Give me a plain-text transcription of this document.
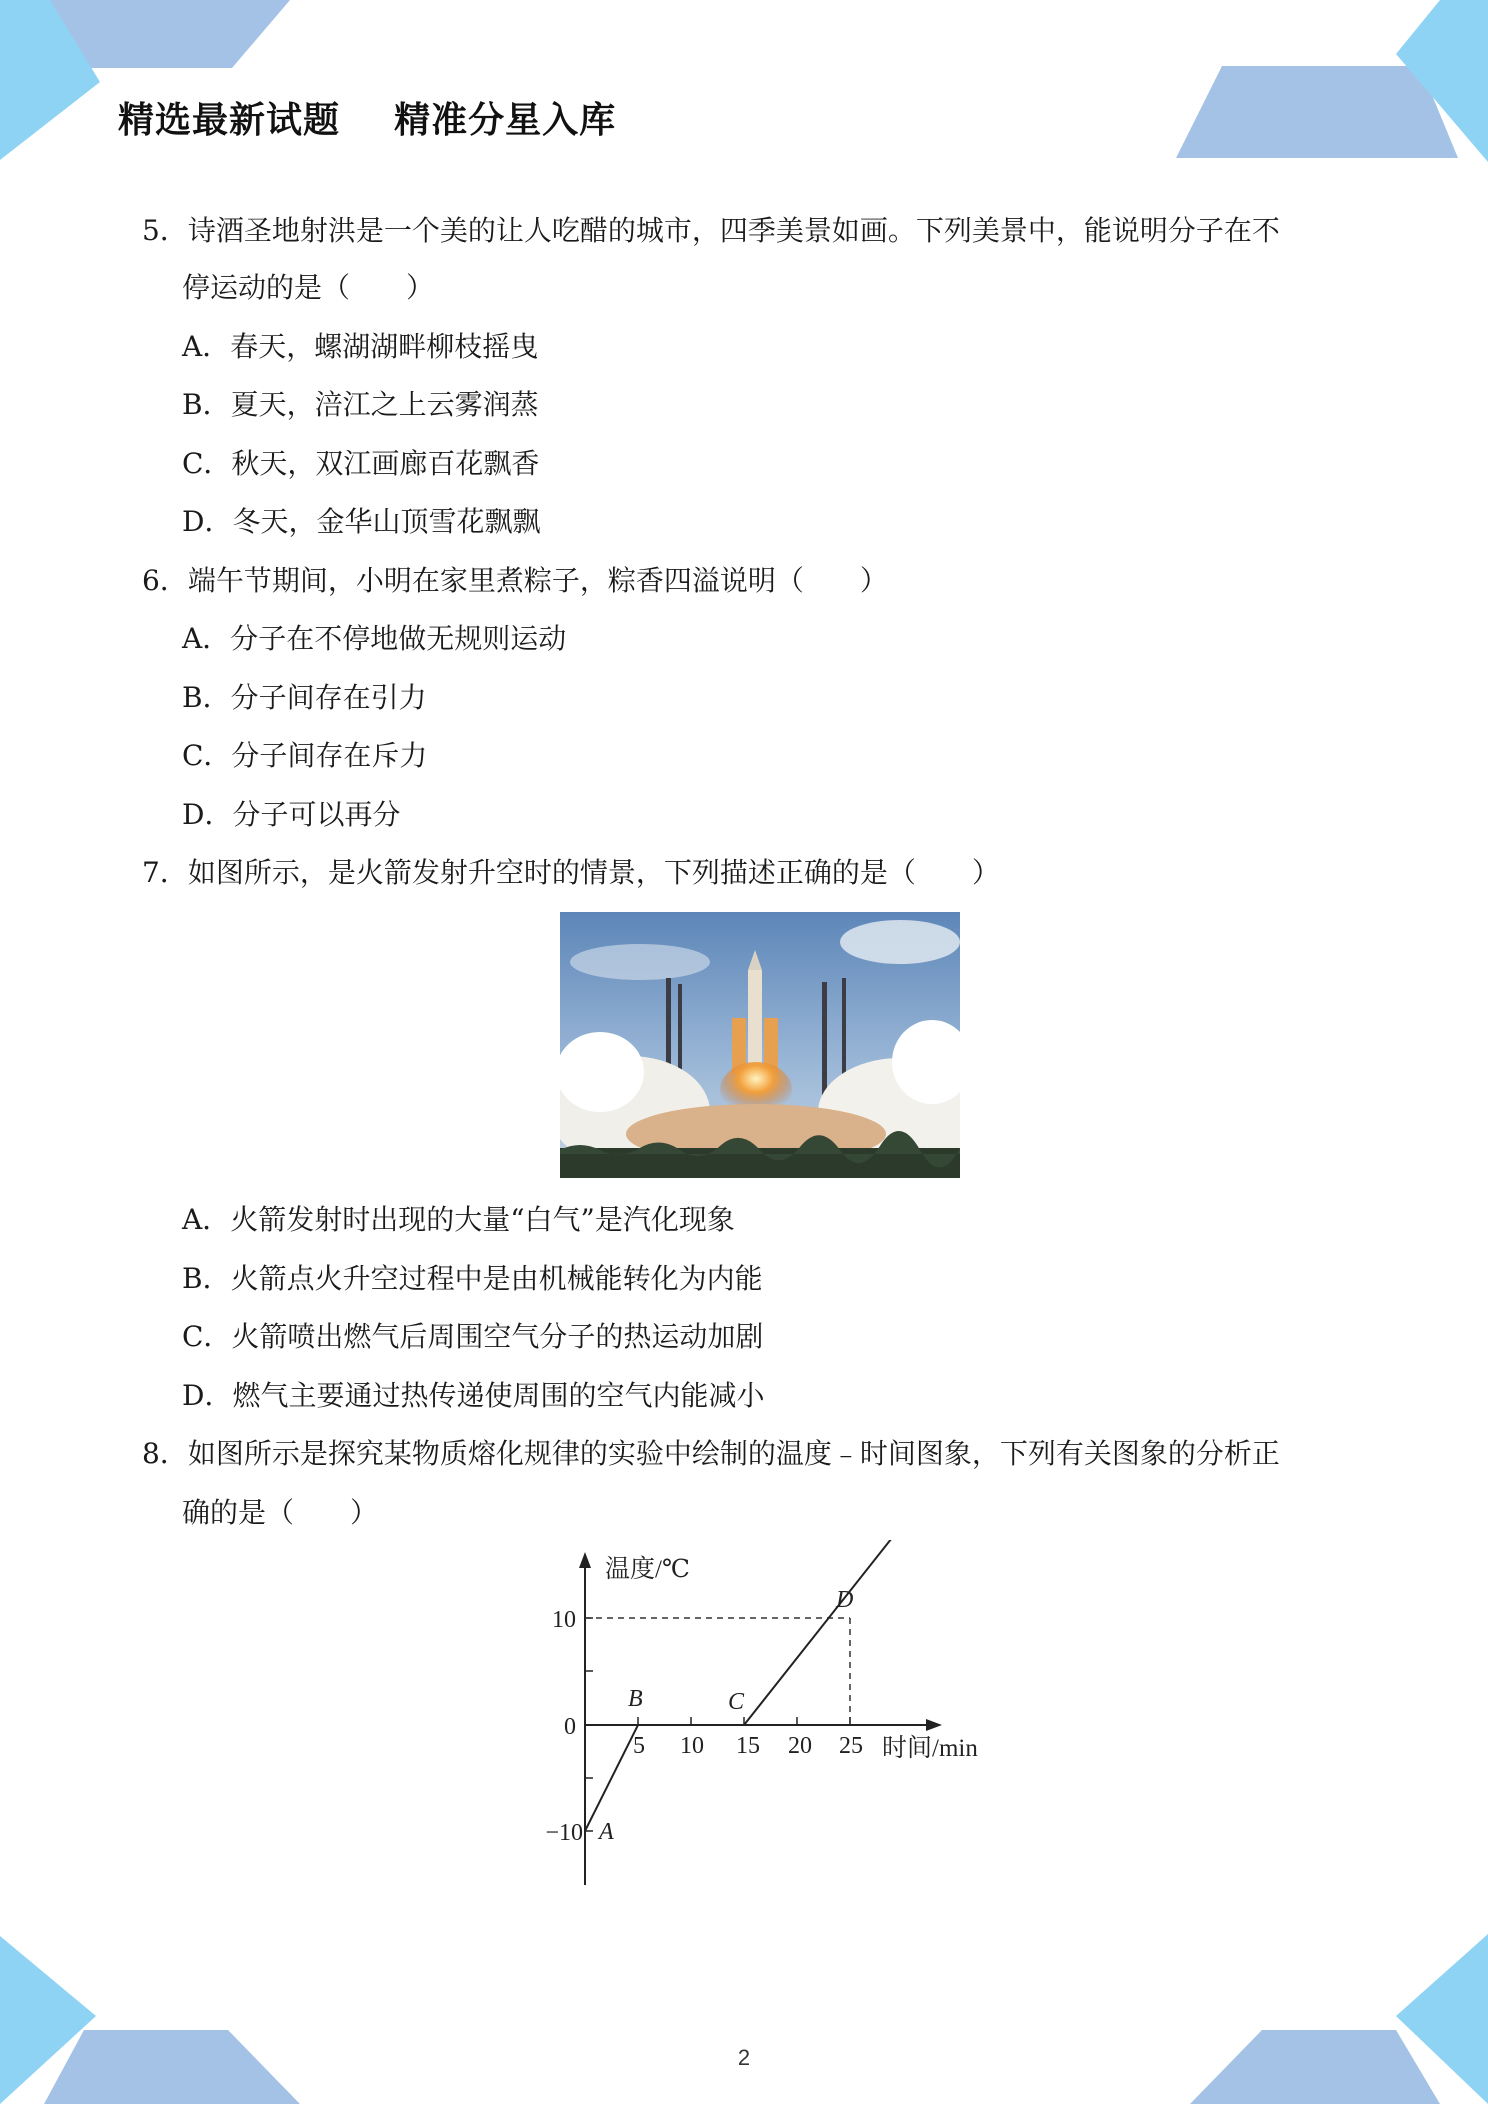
精选最新试题    精准分星入库
5．诗酒圣地射洪是一个美的让人吃醋的城市，四季美景如画。下列美景中，能说明分子在不
停运动的是（　　）
A．春天，螺湖湖畔柳枝摇曳
B．夏天，涪江之上云雾润蒸
C．秋天，双江画廊百花飘香
D．冬天，金华山顶雪花飘飘
6．端午节期间，小明在家里煮粽子，粽香四溢说明（　　）
A．分子在不停地做无规则运动
B．分子间存在引力
C．分子间存在斥力
D．分子可以再分
7．如图所示，是火箭发射升空时的情景，下列描述正确的是（　　）
A．火箭发射时出现的大量“白气”是汽化现象
B．火箭点火升空过程中是由机械能转化为内能
C．火箭喷出燃气后周围空气分子的热运动加剧
D．燃气主要通过热传递使周围的空气内能减小
8．如图所示是探究某物质熔化规律的实验中绘制的温度﹣时间图象，下列有关图象的分析正
确的是（　　）
温度/℃
时间/min
10
0
−10
5 10 15 20 25
A
B	C
D
2
